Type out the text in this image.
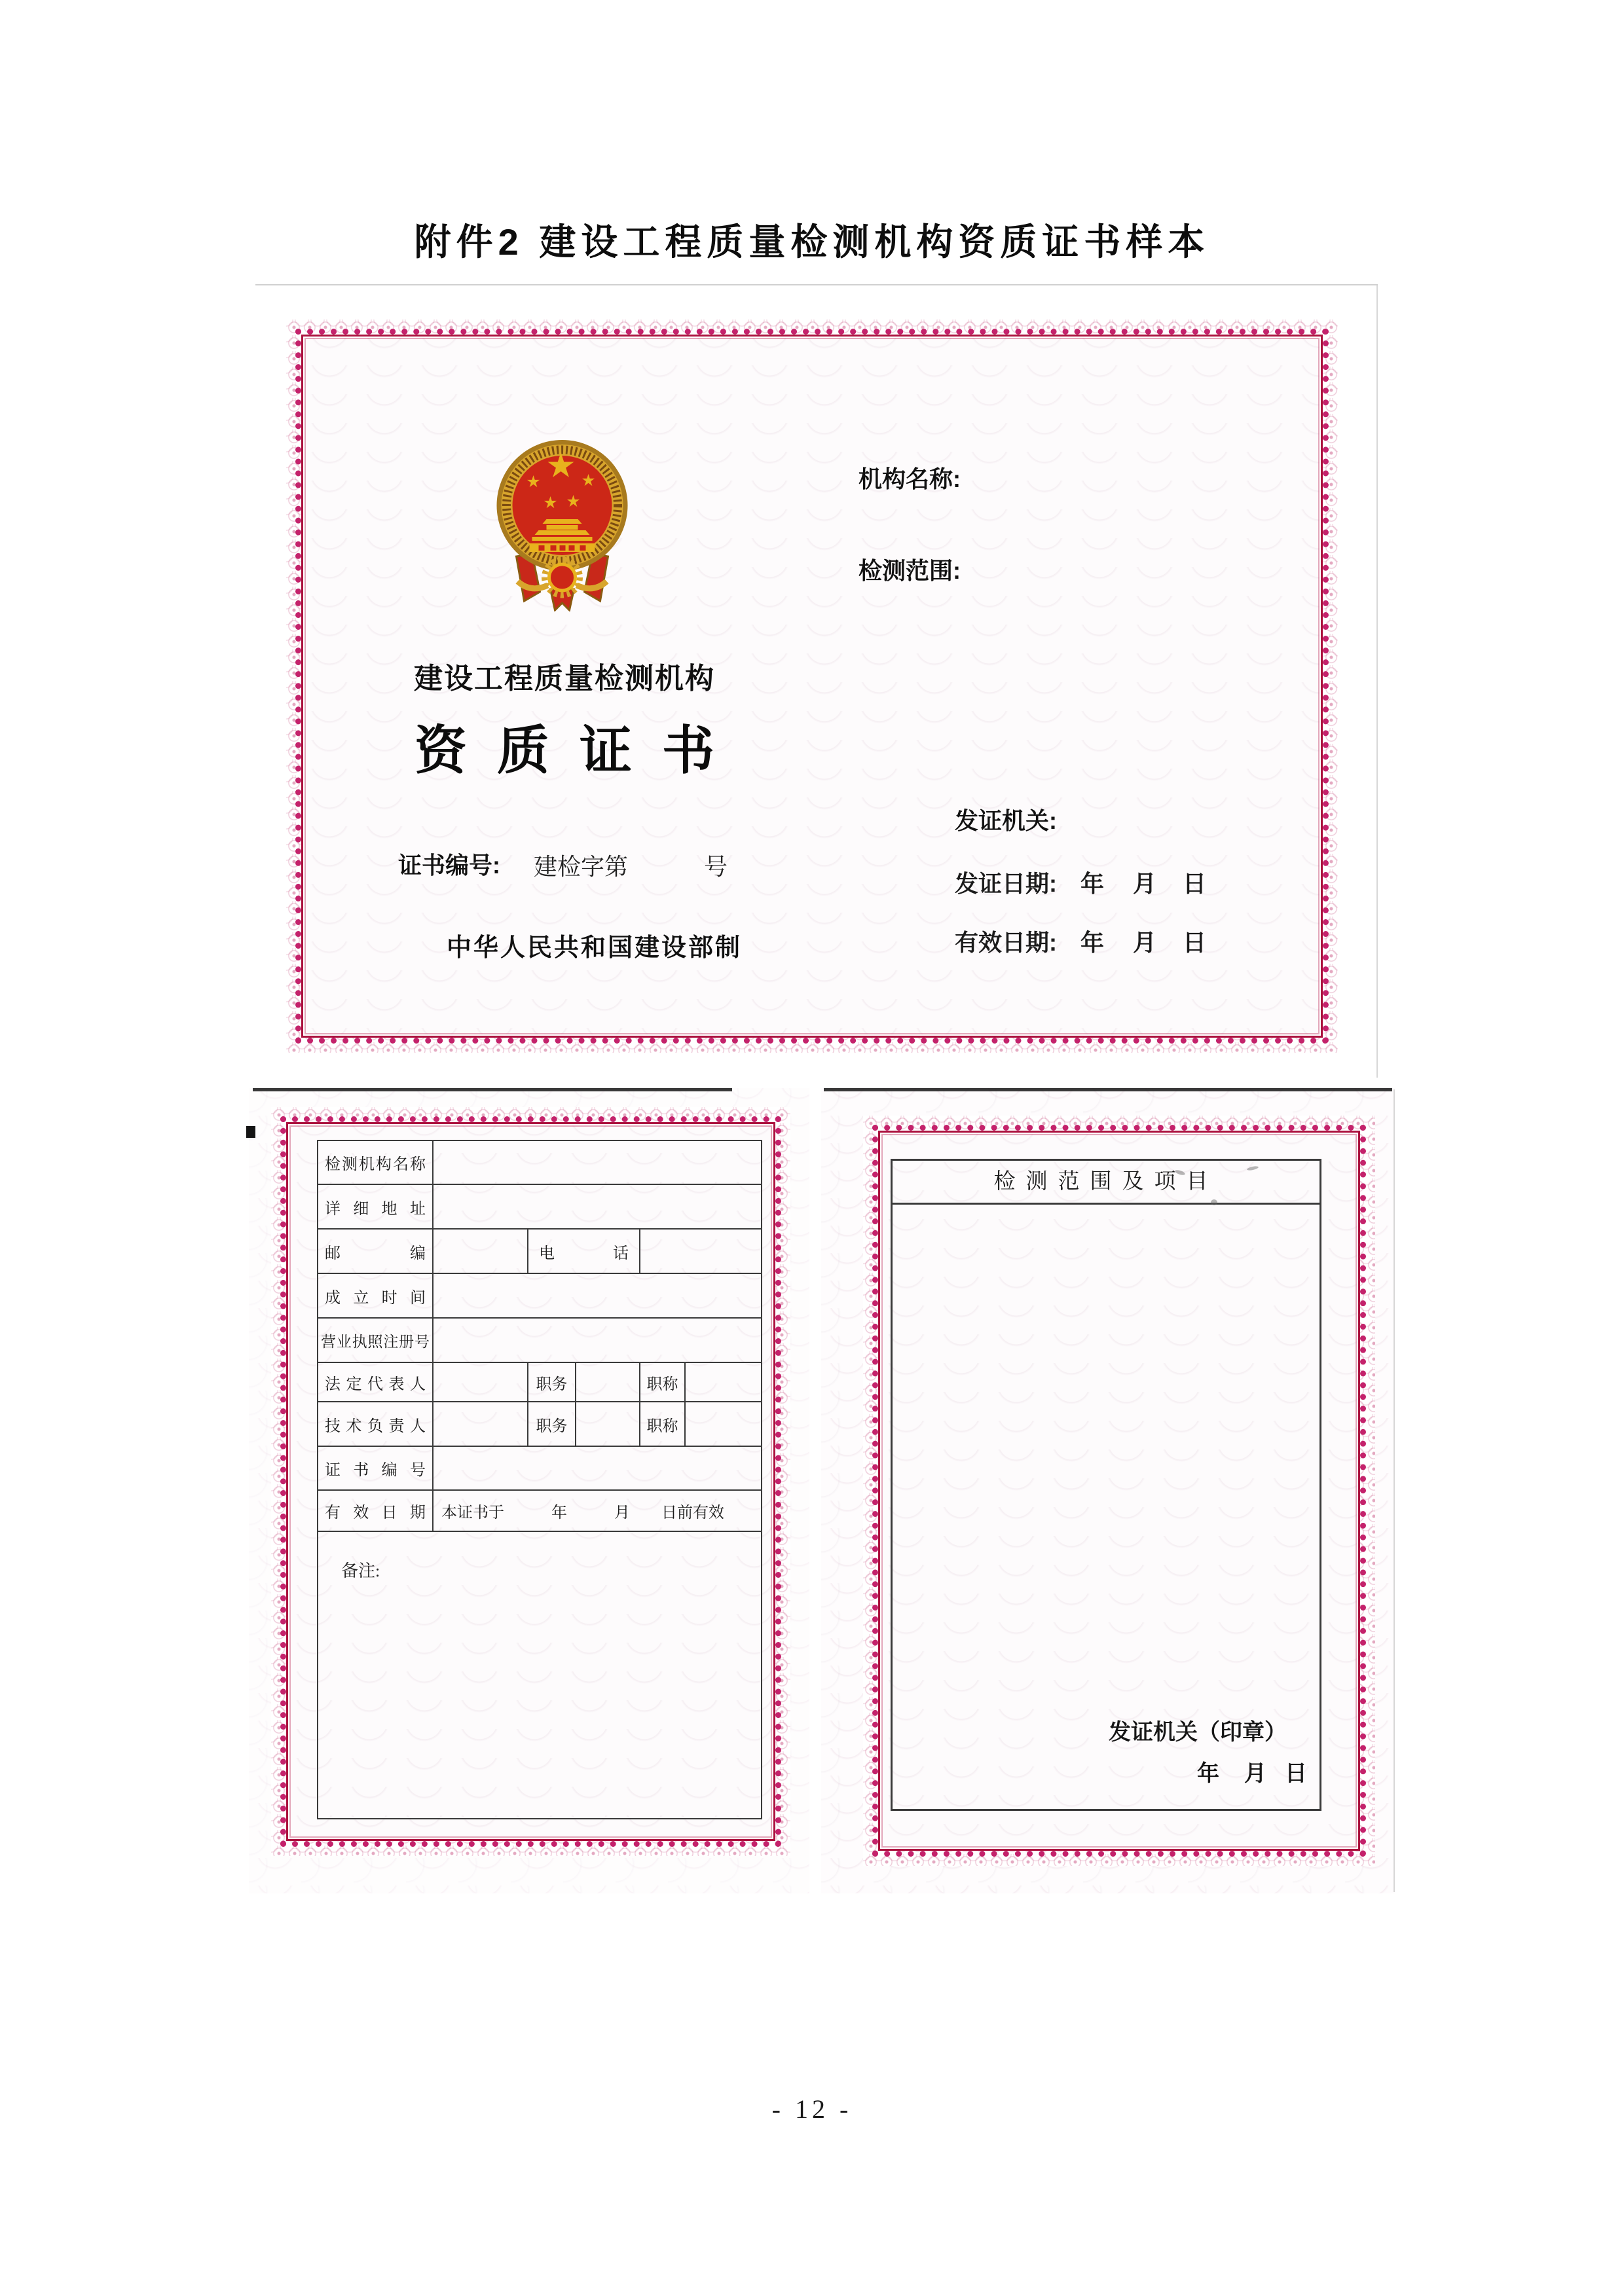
附件2 建设工程质量检测机构资质证书样本
建设工程质量检测机构
资质证书
证书编号: 建检字第	号
中华人民共和国建设部制
机构名称:
检测范围:
发证机关:
发证日期: 年 月 日
有效日期: 年 月 日
检测机构名称					
详细地址					
邮编		电话			
成立时间					
营业执照注册号					
法定代表人		职务		职称	
技术负责人		职务		职称	
证书编号					
有效日期	本证书于　　　年　　　月　　日前有效				

备注:					
检测范围及项目
发证机关（印章）
年 月 日
- 12 -
